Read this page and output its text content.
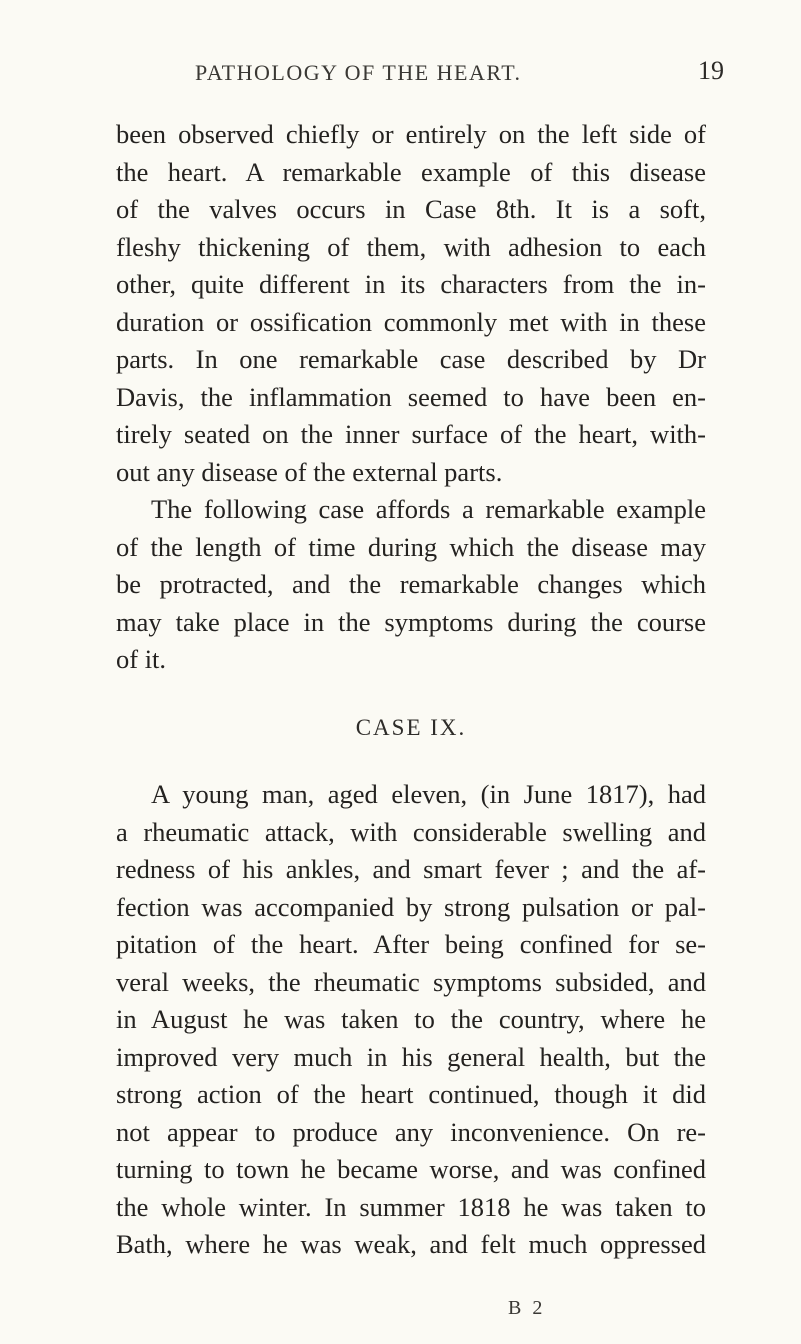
PATHOLOGY OF THE HEART.	19
been observed chiefly or entirely on the left side of
the heart. A remarkable example of this disease
of the valves occurs in Case 8th. It is a soft,
fleshy thickening of them, with adhesion to each
other, quite different in its characters from the in-
duration or ossification commonly met with in these
parts. In one remarkable case described by Dr
Davis, the inflammation seemed to have been en-
tirely seated on the inner surface of the heart, with-
out any disease of the external parts.
The following case affords a remarkable example
of the length of time during which the disease may
be protracted, and the remarkable changes which
may take place in the symptoms during the course
of it.
CASE IX.
A young man, aged eleven, (in June 1817), had
a rheumatic attack, with considerable swelling and
redness of his ankles, and smart fever ; and the af-
fection was accompanied by strong pulsation or pal-
pitation of the heart. After being confined for se-
veral weeks, the rheumatic symptoms subsided, and
in August he was taken to the country, where he
improved very much in his general health, but the
strong action of the heart continued, though it did
not appear to produce any inconvenience. On re-
turning to town he became worse, and was confined
the whole winter. In summer 1818 he was taken to
Bath, where he was weak, and felt much oppressed
B 2
